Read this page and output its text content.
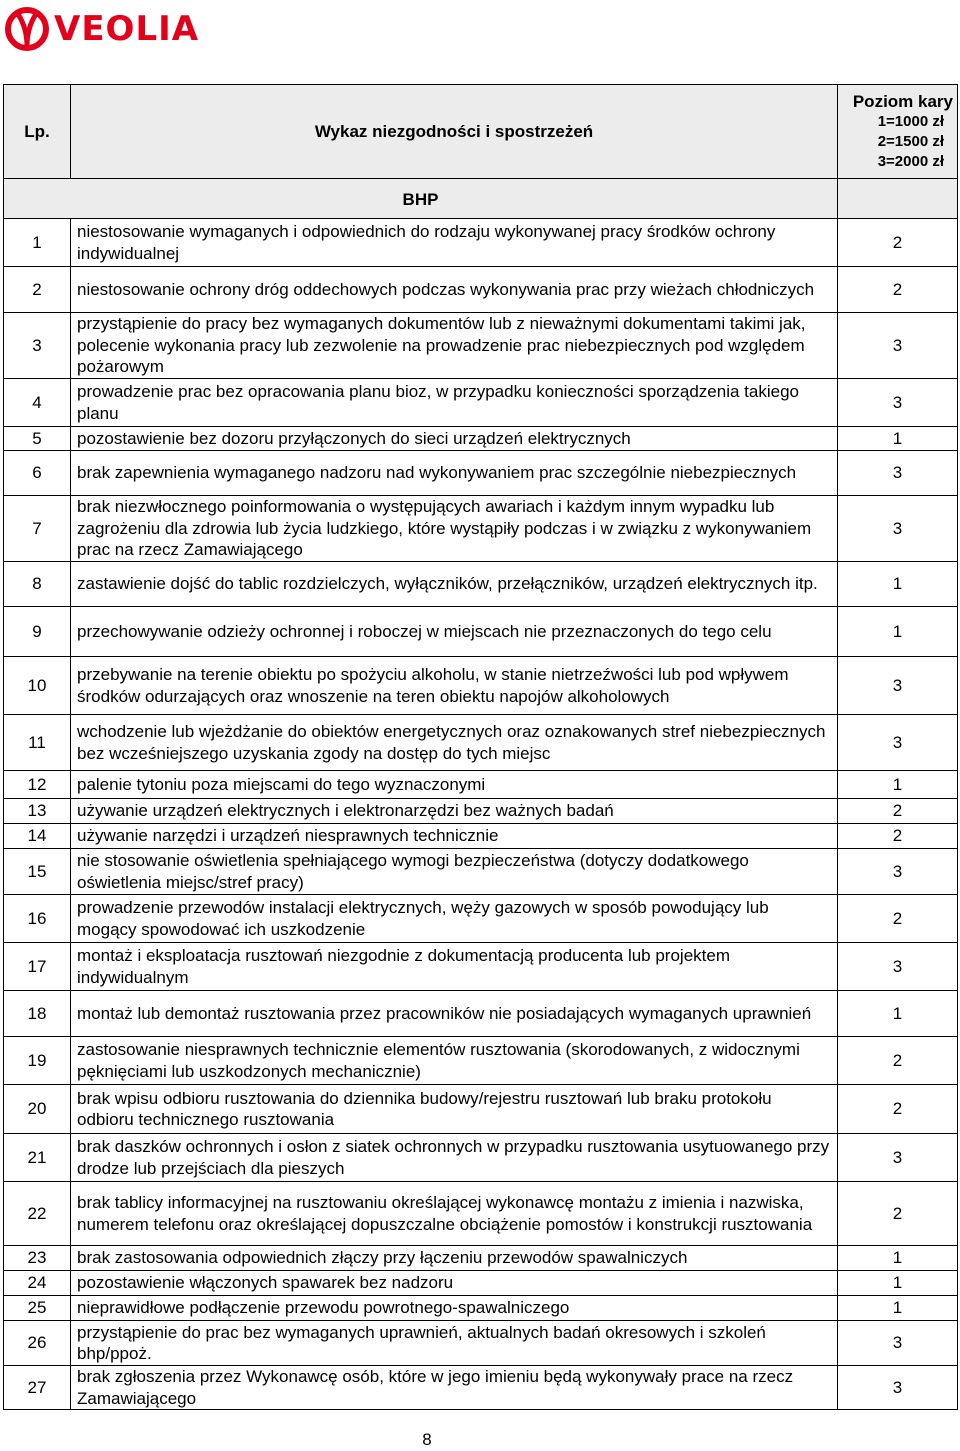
VEOLIA
Lp.	Wykaz niezgodności i spostrzeżeń	Poziom kary
1=1000 zł
2=1500 zł
3=2000 zł

BHP		
1	niestosowanie wymaganych i odpowiednich do rodzaju wykonywanej pracy środków ochrony indywidualnej	2
2	niestosowanie ochrony dróg oddechowych podczas wykonywania prac przy wieżach chłodniczych	2
3	przystąpienie do pracy bez wymaganych dokumentów lub z nieważnymi dokumentami takimi jak, polecenie wykonania pracy lub zezwolenie na prowadzenie prac niebezpiecznych pod względem pożarowym	3
4	prowadzenie prac bez opracowania planu bioz, w przypadku konieczności sporządzenia takiego planu	3
5	pozostawienie bez dozoru przyłączonych do sieci urządzeń elektrycznych	1
6	brak zapewnienia wymaganego nadzoru nad wykonywaniem prac szczególnie niebezpiecznych	3
7	brak niezwłocznego poinformowania o występujących awariach i każdym innym wypadku lub zagrożeniu dla zdrowia lub życia ludzkiego, które wystąpiły podczas i w związku z wykonywaniem prac na rzecz Zamawiającego	3
8	zastawienie dojść do tablic rozdzielczych, wyłączników, przełączników, urządzeń elektrycznych itp.	1
9	przechowywanie odzieży ochronnej i roboczej w miejscach nie przeznaczonych do tego celu	1
10	przebywanie na terenie obiektu po spożyciu alkoholu, w stanie nietrzeźwości lub pod wpływem środków odurzających oraz wnoszenie na teren obiektu napojów alkoholowych	3
11	wchodzenie lub wjeżdżanie do obiektów energetycznych oraz oznakowanych stref niebezpiecznych bez wcześniejszego uzyskania zgody na dostęp do tych miejsc	3
12	palenie tytoniu poza miejscami do tego wyznaczonymi	1
13	używanie urządzeń elektrycznych i elektronarzędzi bez ważnych badań	2
14	używanie narzędzi i urządzeń niesprawnych technicznie	2
15	nie stosowanie oświetlenia spełniającego wymogi bezpieczeństwa (dotyczy dodatkowego oświetlenia miejsc/stref pracy)	3
16	prowadzenie przewodów instalacji elektrycznych, węży gazowych w sposób powodujący lub mogący spowodować ich uszkodzenie	2
17	montaż i eksploatacja rusztowań niezgodnie z dokumentacją producenta lub projektem indywidualnym	3
18	montaż lub demontaż rusztowania przez pracowników nie posiadających wymaganych uprawnień	1
19	zastosowanie niesprawnych technicznie elementów rusztowania (skorodowanych, z widocznymi pęknięciami lub uszkodzonych mechanicznie)	2
20	brak wpisu odbioru rusztowania do dziennika budowy/rejestru rusztowań lub braku protokołu odbioru technicznego rusztowania	2
21	brak daszków ochronnych i osłon z siatek ochronnych w przypadku rusztowania usytuowanego przy drodze lub przejściach dla pieszych	3
22	brak tablicy informacyjnej na rusztowaniu określającej wykonawcę montażu z imienia i nazwiska, numerem telefonu oraz określającej dopuszczalne obciążenie pomostów i konstrukcji rusztowania	2
23	brak zastosowania odpowiednich złączy przy łączeniu przewodów spawalniczych	1
24	pozostawienie włączonych spawarek bez nadzoru	1
25	nieprawidłowe podłączenie przewodu powrotnego-spawalniczego	1
26	przystąpienie do prac bez wymaganych uprawnień, aktualnych badań okresowych i szkoleń bhp/ppoż.	3
27	brak zgłoszenia przez Wykonawcę osób, które w jego imieniu będą wykonywały prace na rzecz Zamawiającego	3
8
